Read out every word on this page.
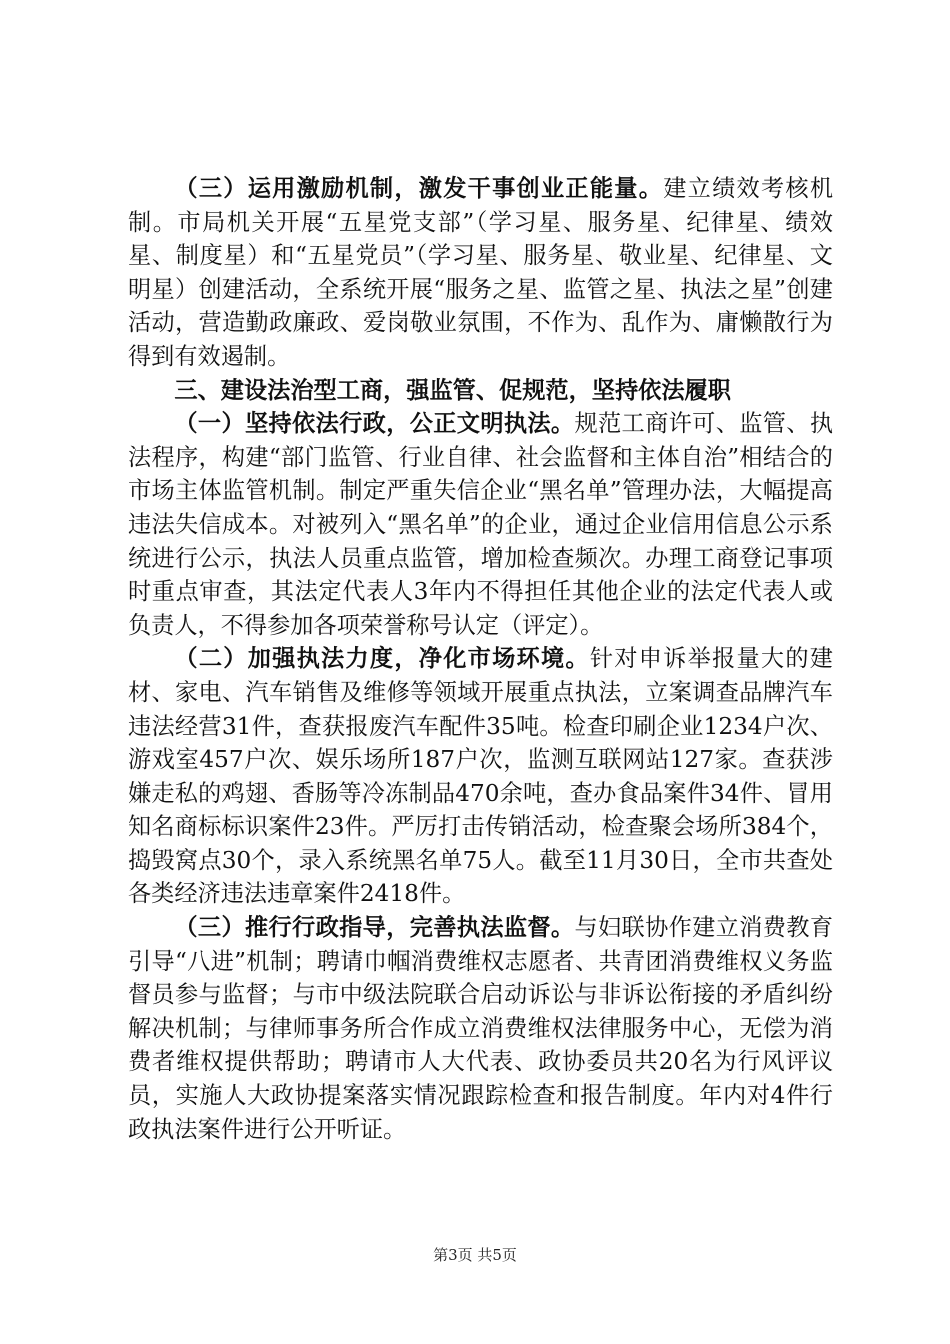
（三）运用激励机制，激发干事创业正能量。建立绩效考核机制。市局机关开展“五星党支部”（学习星、服务星、纪律星、绩效星、制度星）和“五星党员”（学习星、服务星、敬业星、纪律星、文明星）创建活动，全系统开展“服务之星、监管之星、执法之星”创建活动，营造勤政廉政、爱岗敬业氛围，不作为、乱作为、庸懒散行为得到有效遏制。

三、建设法治型工商，强监管、促规范，坚持依法履职

（一）坚持依法行政，公正文明执法。规范工商许可、监管、执法程序，构建“部门监管、行业自律、社会监督和主体自治”相结合的市场主体监管机制。制定严重失信企业“黑名单”管理办法，大幅提高违法失信成本。对被列入“黑名单”的企业，通过企业信用信息公示系统进行公示，执法人员重点监管，增加检查频次。办理工商登记事项时重点审查，其法定代表人3年内不得担任其他企业的法定代表人或负责人，不得参加各项荣誉称号认定（评定）。

（二）加强执法力度，净化市场环境。针对申诉举报量大的建材、家电、汽车销售及维修等领域开展重点执法，立案调查品牌汽车违法经营31件，查获报废汽车配件35吨。检查印刷企业1234户次、游戏室457户次、娱乐场所187户次，监测互联网站127家。查获涉嫌走私的鸡翅、香肠等冷冻制品470余吨，查办食品案件34件、冒用知名商标标识案件23件。严厉打击传销活动，检查聚会场所384个，捣毁窝点30个，录入系统黑名单75人。截至11月30日，全市共查处各类经济违法违章案件2418件。

（三）推行行政指导，完善执法监督。与妇联协作建立消费教育引导“八进”机制；聘请巾帼消费维权志愿者、共青团消费维权义务监督员参与监督；与市中级法院联合启动诉讼与非诉讼衔接的矛盾纠纷解决机制；与律师事务所合作成立消费维权法律服务中心，无偿为消费者维权提供帮助；聘请市人大代表、政协委员共20名为行风评议员，实施人大政协提案落实情况跟踪检查和报告制度。年内对4件行政执法案件进行公开听证。

第3页 共5页
